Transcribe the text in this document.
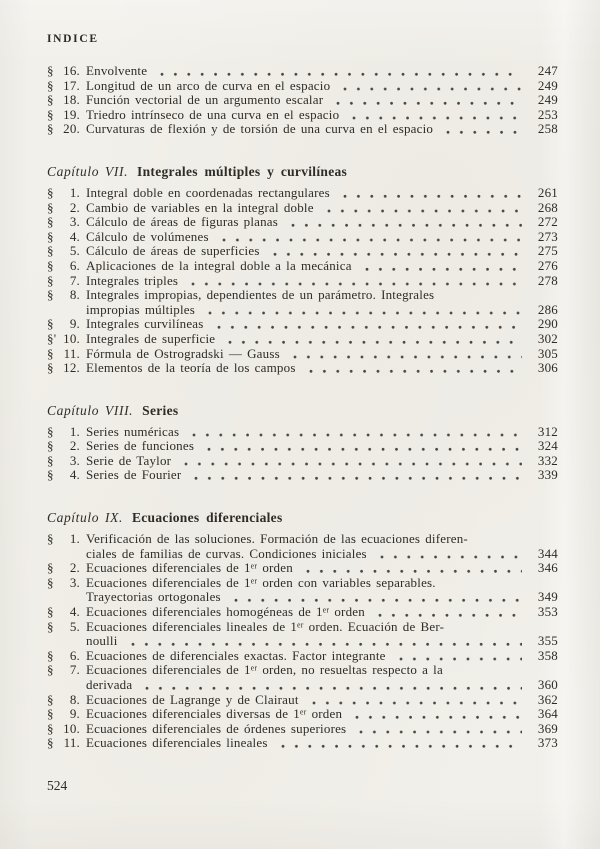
INDICE
§ 16. Envolvente	247
§ 17. Longitud de un arco de curva en el espacio	249
§ 18. Función vectorial de un argumento escalar	249
§ 19. Triedro intrínseco de una curva en el espacio	253
§ 20. Curvaturas de flexión y de torsión de una curva en el espacio	258
Capítulo VII. Integrales múltiples y curvilíneas
§ 1. Integral doble en coordenadas rectangulares	261
§ 2. Cambio de variables en la integral doble	268
§ 3. Cálculo de áreas de figuras planas	272
§ 4. Cálculo de volúmenes	273
§ 5. Cálculo de áreas de superficies	275
§ 6. Aplicaciones de la integral doble a la mecánica	276
§ 7. Integrales triples	278
§ 8. Integrales impropias, dependientes de un parámetro. Integrales
impropias múltiples	286
§ 9. Integrales curvilíneas	290
§' 10. Integrales de superficie	302
§ 11. Fórmula de Ostrogradski — Gauss	305
§ 12. Elementos de la teoría de los campos	306
Capítulo VIII. Series
§ 1. Series numéricas	312
§ 2. Series de funciones	324
§ 3. Serie de Taylor	332
§ 4. Series de Fourier	339
Capítulo IX. Ecuaciones diferenciales
§ 1. Verificación de las soluciones. Formación de las ecuaciones diferen-
ciales de familias de curvas. Condiciones iniciales	344
§ 2. Ecuaciones diferenciales de 1ᵉʳ orden	346
§ 3. Ecuaciones diferenciales de 1ᵉʳ orden con variables separables.
Trayectorias ortogonales	349
§ 4. Ecuaciones diferenciales homogéneas de 1ᵉʳ orden	353
§ 5. Ecuaciones diferenciales lineales de 1ᵉʳ orden. Ecuación de Ber-
noulli	355
§ 6. Ecuaciones de diferenciales exactas. Factor integrante	358
§ 7. Ecuaciones diferenciales de 1ᵉʳ orden, no resueltas respecto a la
derivada	360
§ 8. Ecuaciones de Lagrange y de Clairaut	362
§ 9. Ecuaciones diferenciales diversas de 1ᵉʳ orden	364
§ 10. Ecuaciones diferenciales de órdenes superiores	369
§ 11. Ecuaciones diferenciales lineales	373
524
